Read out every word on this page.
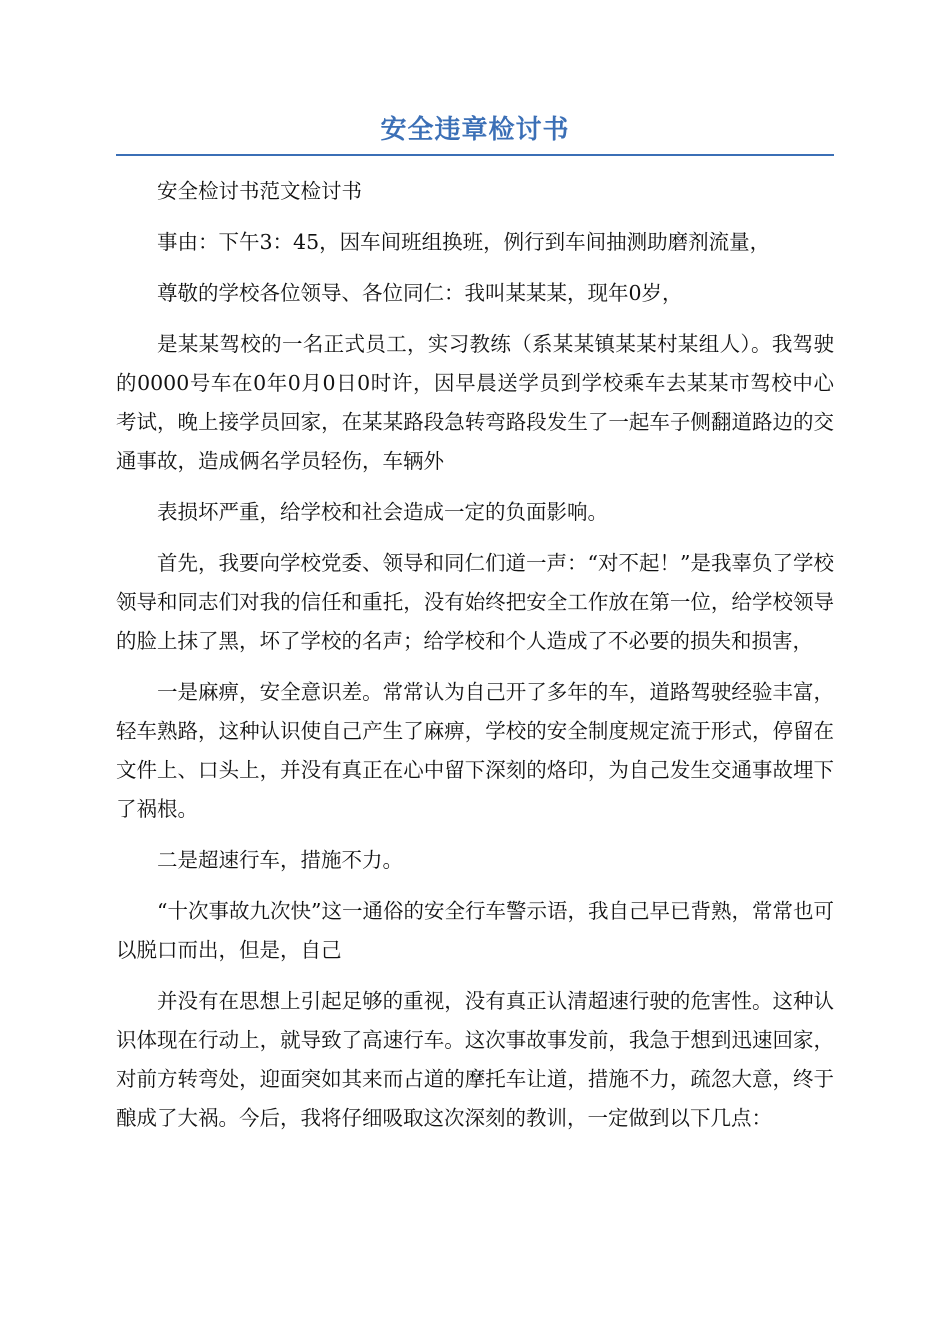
安全违章检讨书

安全检讨书范文检讨书

事由：下午3：45，因车间班组换班，例行到车间抽测助磨剂流量，

尊敬的学校各位领导、各位同仁：我叫某某某，现年0岁，

是某某驾校的一名正式员工，实习教练（系某某镇某某村某组人）。我驾驶的0000号车在0年0月0日0时许，因早晨送学员到学校乘车去某某市驾校中心考试，晚上接学员回家，在某某路段急转弯路段发生了一起车子侧翻道路边的交通事故，造成俩名学员轻伤，车辆外

表损坏严重，给学校和社会造成一定的负面影响。

首先，我要向学校党委、领导和同仁们道一声：“对不起！”是我辜负了学校领导和同志们对我的信任和重托，没有始终把安全工作放在第一位，给学校领导的脸上抹了黑，坏了学校的名声；给学校和个人造成了不必要的损失和损害，

一是麻痹，安全意识差。常常认为自己开了多年的车，道路驾驶经验丰富，轻车熟路，这种认识使自己产生了麻痹，学校的安全制度规定流于形式，停留在文件上、口头上，并没有真正在心中留下深刻的烙印，为自己发生交通事故埋下了祸根。

二是超速行车，措施不力。

“十次事故九次快”这一通俗的安全行车警示语，我自己早已背熟，常常也可以脱口而出，但是，自己

并没有在思想上引起足够的重视，没有真正认清超速行驶的危害性。这种认识体现在行动上，就导致了高速行车。这次事故事发前，我急于想到迅速回家，对前方转弯处，迎面突如其来而占道的摩托车让道，措施不力，疏忽大意，终于酿成了大祸。今后，我将仔细吸取这次深刻的教训，一定做到以下几点：
